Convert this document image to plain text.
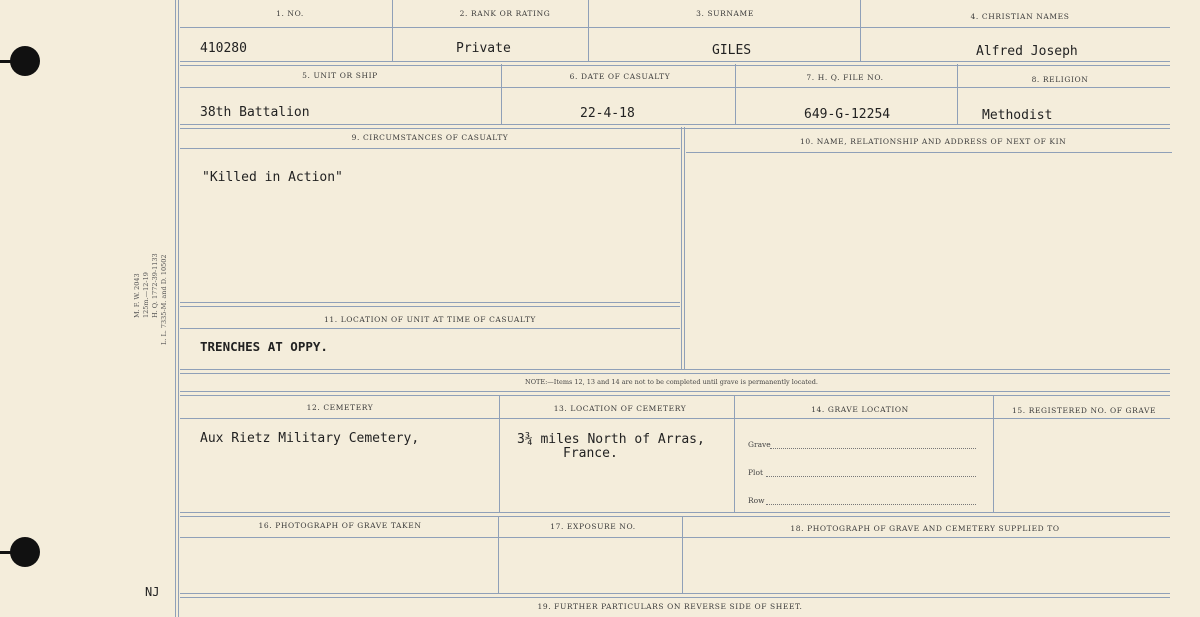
M. F. W. 2043 125m.—12-19 H. Q. 1772-39-1133 L. L. 7335-M. and D. 10502
NJ
1. NO.	2. RANK OR RATING	3. SURNAME	4. CHRISTIAN NAMES
410280	Private	GILES	Alfred Joseph
5. UNIT OR SHIP	6. DATE OF CASUALTY	7. H. Q. FILE NO.	8. RELIGION
38th Battalion	22-4-18	649-G-12254	Methodist
9. CIRCUMSTANCES OF CASUALTY	10. NAME, RELATIONSHIP AND ADDRESS OF NEXT OF KIN
"Killed in Action"
11. LOCATION OF UNIT AT TIME OF CASUALTY
TRENCHES AT OPPY.
NOTE:—Items 12, 13 and 14 are not to be completed until grave is permanently located.
12. CEMETERY	13. LOCATION OF CEMETERY	14. GRAVE LOCATION	15. REGISTERED NO. OF GRAVE
Aux Rietz Military Cemetery,	3¾ miles North of Arras,
France.
Grave
Plot
Row
16. PHOTOGRAPH OF GRAVE TAKEN	17. EXPOSURE NO.	18. PHOTOGRAPH OF GRAVE AND CEMETERY SUPPLIED TO
19. FURTHER PARTICULARS ON REVERSE SIDE OF SHEET.
